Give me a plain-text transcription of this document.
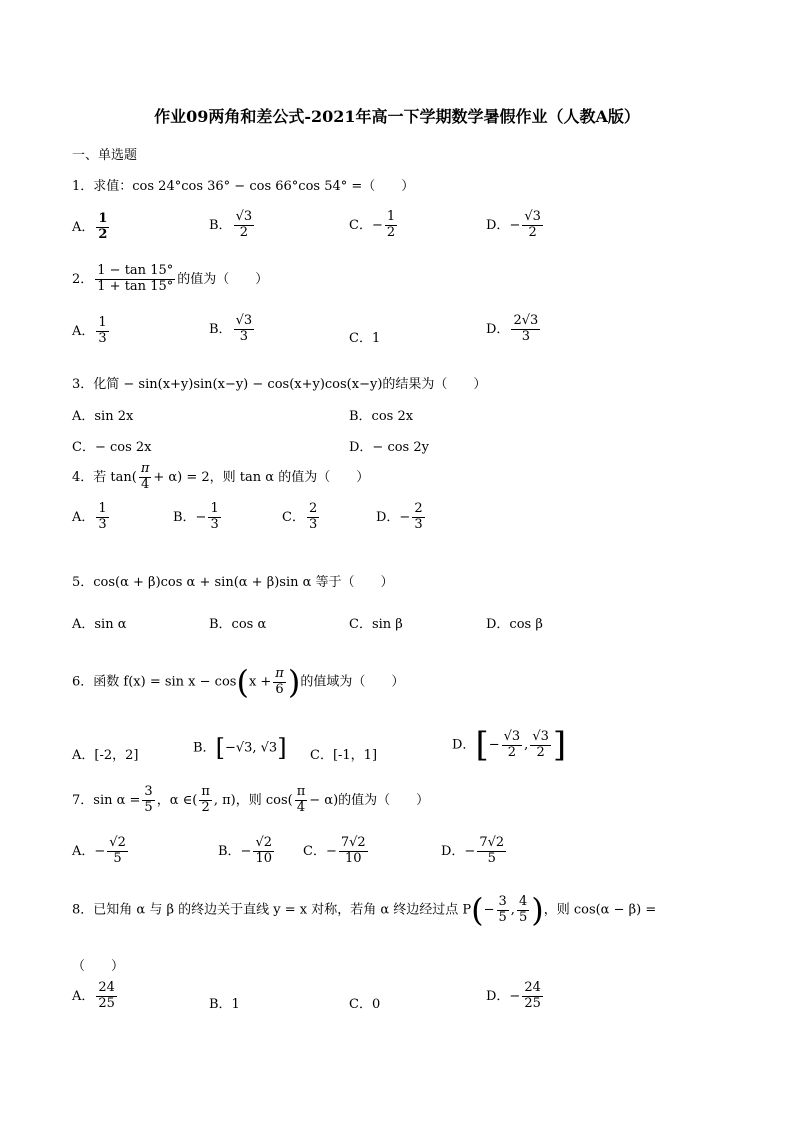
作业09两角和差公式-2021年高一下学期数学暑假作业（人教A版）
一、单选题
1．求值：cos 24°cos 36° − cos 66°cos 54° =（　　）
A． $\frac{1}{2}$	B． $\frac{√3}{2}$	C．− $\frac{1}{2}$	D．− $\frac{√3}{2}$
2． $\frac{1 - \tan 15^\circ}{1 + \tan 15^\circ}$ 的值为（　　）
A． $\frac{1}{3}$	B． $\frac{√3}{3}$	C．1
D． $\frac{2√3}{3}$
3．化简 − sin(x+y)sin(x−y) − cos(x+y)cos(x−y)的结果为（　　）
A．sin 2x	B．cos 2x
C．− cos 2x	D．− cos 2y
4．若 $\tan( \frac{\pi}{4} + \alpha) = 2$，则 tan α 的值为（　　）
A． $\frac{1}{3}$	B．− $\frac{1}{3}$	C． $\frac{2}{3}$	D．− $\frac{2}{3}$
5．cos(α + β)cos α + sin(α + β)sin α 等于（　　）
A．sin α	B．cos α	C．sin β	D．cos β
6．函数 $f(x) = \sin x - \cos(x + \frac{\pi}{6}$ )的值域为（　　）
A．[-2，2]	B．[−√3, √3] C．[-1，1]
D．[− $\frac{√3}{2}$ , $\frac{√3}{2}$ ]
7．$\sin \alpha = \frac{3}{5}$ ，α ∈( $\frac{\pi}{2}$ , π)，则 $\cos( \frac{\pi}{4} - \alpha)$的值为（　　）
A．− $\frac{√2}{5}$	B．− $\frac{√2}{10}$ C．− $\frac{7√2}{10}$	D．− $\frac{7√2}{5}$
8．已知角 α 与 β 的终边关于直线 y = x 对称，若角 α 终边经过点 $P(- \frac{3}{5}$ , $\frac{4}{5}$ )，则 cos(α − β) =
（　　）
A． $\frac{24}{25}$	B．1	C．0
D．− $\frac{24}{25}$
